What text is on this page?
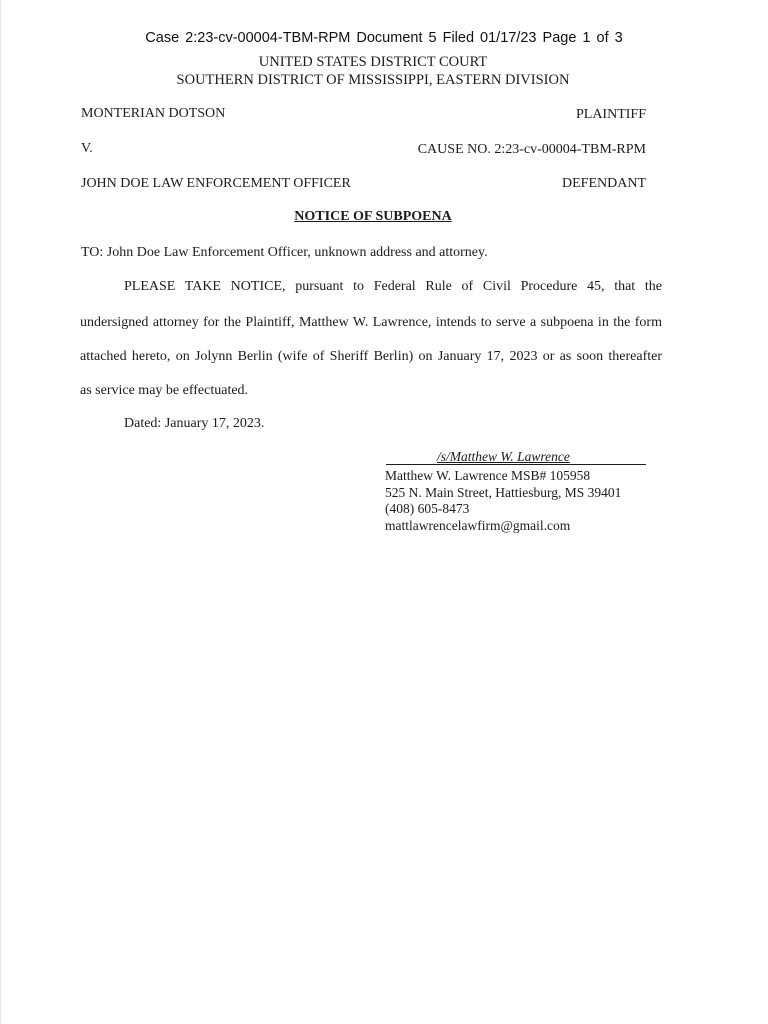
Case 2:23-cv-00004-TBM-RPM Document 5 Filed 01/17/23 Page 1 of 3
UNITED STATES DISTRICT COURT
SOUTHERN DISTRICT OF MISSISSIPPI, EASTERN DIVISION
MONTERIAN DOTSON	PLAINTIFF
V.	CAUSE NO. 2:23-cv-00004-TBM-RPM
JOHN DOE LAW ENFORCEMENT OFFICER	DEFENDANT
NOTICE OF SUBPOENA
TO: John Doe Law Enforcement Officer, unknown address and attorney.
PLEASE TAKE NOTICE, pursuant to Federal Rule of Civil Procedure 45, that the
undersigned attorney for the Plaintiff, Matthew W. Lawrence, intends to serve a subpoena in the form
attached hereto, on Jolynn Berlin (wife of Sheriff Berlin) on January 17, 2023 or as soon thereafter
as service may be effectuated.
Dated: January 17, 2023.
/s/Matthew W. Lawrence
Matthew W. Lawrence MSB# 105958
525 N. Main Street, Hattiesburg, MS 39401
(408) 605-8473
mattlawrencelawfirm@gmail.com
